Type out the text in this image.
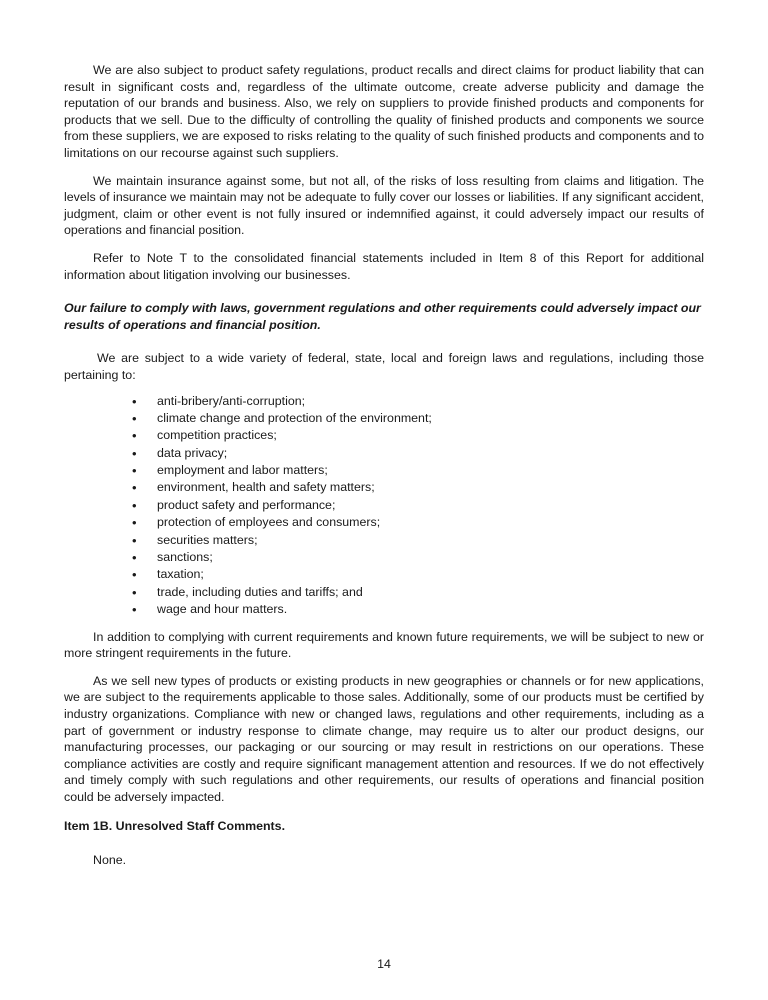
We are also subject to product safety regulations, product recalls and direct claims for product liability that can result in significant costs and, regardless of the ultimate outcome, create adverse publicity and damage the reputation of our brands and business. Also, we rely on suppliers to provide finished products and components for products that we sell. Due to the difficulty of controlling the quality of finished products and components we source from these suppliers, we are exposed to risks relating to the quality of such finished products and components and to limitations on our recourse against such suppliers.

We maintain insurance against some, but not all, of the risks of loss resulting from claims and litigation. The levels of insurance we maintain may not be adequate to fully cover our losses or liabilities. If any significant accident, judgment, claim or other event is not fully insured or indemnified against, it could adversely impact our results of operations and financial position.

Refer to Note T to the consolidated financial statements included in Item 8 of this Report for additional information about litigation involving our businesses.

Our failure to comply with laws, government regulations and other requirements could adversely impact our results of operations and financial position.

We are subject to a wide variety of federal, state, local and foreign laws and regulations, including those pertaining to:

• anti-bribery/anti-corruption;
• climate change and protection of the environment;
• competition practices;
• data privacy;
• employment and labor matters;
• environment, health and safety matters;
• product safety and performance;
• protection of employees and consumers;
• securities matters;
• sanctions;
• taxation;
• trade, including duties and tariffs; and
• wage and hour matters.

In addition to complying with current requirements and known future requirements, we will be subject to new or more stringent requirements in the future.

As we sell new types of products or existing products in new geographies or channels or for new applications, we are subject to the requirements applicable to those sales. Additionally, some of our products must be certified by industry organizations. Compliance with new or changed laws, regulations and other requirements, including as a part of government or industry response to climate change, may require us to alter our product designs, our manufacturing processes, our packaging or our sourcing or may result in restrictions on our operations. These compliance activities are costly and require significant management attention and resources. If we do not effectively and timely comply with such regulations and other requirements, our results of operations and financial position could be adversely impacted.

Item 1B. Unresolved Staff Comments.

None.

14
